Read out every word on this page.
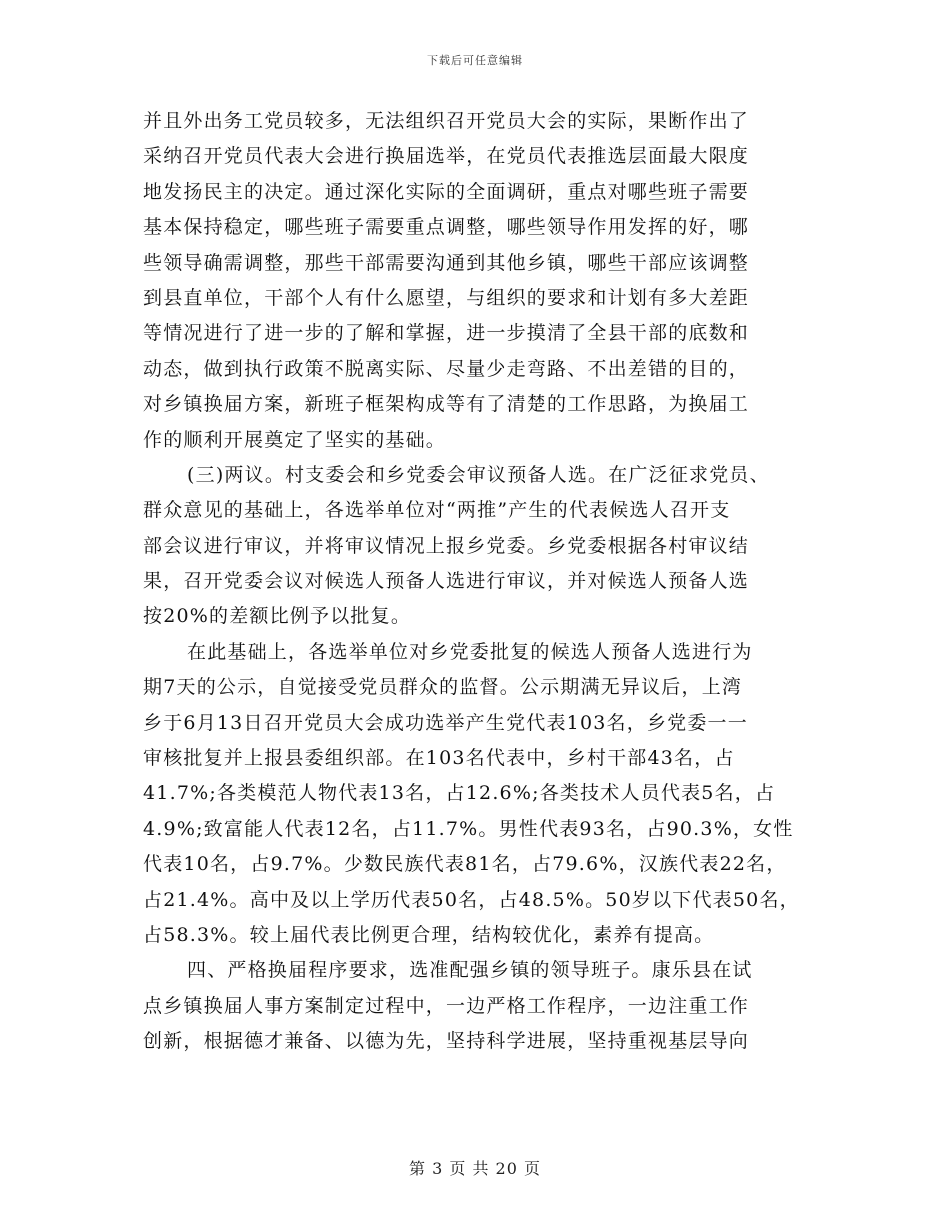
下载后可任意编辑
并且外出务工党员较多，无法组织召开党员大会的实际，果断作出了
采纳召开党员代表大会进行换届选举，在党员代表推选层面最大限度
地发扬民主的决定。通过深化实际的全面调研，重点对哪些班子需要
基本保持稳定，哪些班子需要重点调整，哪些领导作用发挥的好，哪
些领导确需调整，那些干部需要沟通到其他乡镇，哪些干部应该调整
到县直单位，干部个人有什么愿望，与组织的要求和计划有多大差距
等情况进行了进一步的了解和掌握，进一步摸清了全县干部的底数和
动态，做到执行政策不脱离实际、尽量少走弯路、不出差错的目的，
对乡镇换届方案，新班子框架构成等有了清楚的工作思路，为换届工
作的顺利开展奠定了坚实的基础。
(三)两议。村支委会和乡党委会审议预备人选。在广泛征求党员、
群众意见的基础上，各选举单位对“两推”产生的代表候选人召开支
部会议进行审议，并将审议情况上报乡党委。乡党委根据各村审议结
果，召开党委会议对候选人预备人选进行审议，并对候选人预备人选
按20%的差额比例予以批复。
在此基础上，各选举单位对乡党委批复的候选人预备人选进行为
期7天的公示，自觉接受党员群众的监督。公示期满无异议后，上湾
乡于6月13日召开党员大会成功选举产生党代表103名，乡党委一一
审核批复并上报县委组织部。在103名代表中，乡村干部43名，占
41.7%;各类模范人物代表13名，占12.6%;各类技术人员代表5名，占
4.9%;致富能人代表12名，占11.7%。男性代表93名，占90.3%，女性
代表10名，占9.7%。少数民族代表81名，占79.6%，汉族代表22名，
占21.4%。高中及以上学历代表50名，占48.5%。50岁以下代表50名，
占58.3%。较上届代表比例更合理，结构较优化，素养有提高。
四、严格换届程序要求，选准配强乡镇的领导班子。康乐县在试
点乡镇换届人事方案制定过程中，一边严格工作程序，一边注重工作
创新，根据德才兼备、以德为先，坚持科学进展，坚持重视基层导向
第 3 页 共 20 页
